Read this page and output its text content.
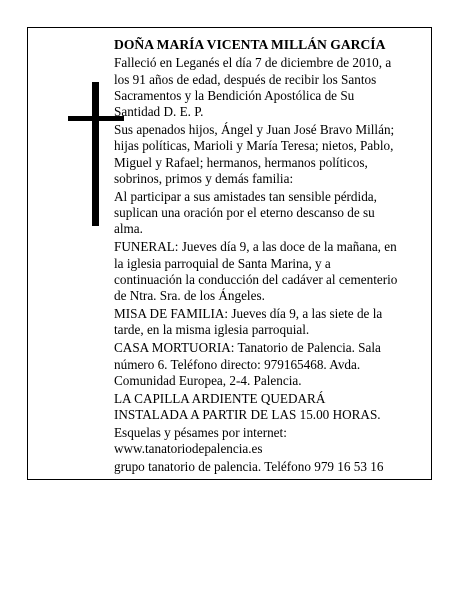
DOÑA MARÍA VICENTA MILLÁN GARCÍA

Falleció en Leganés el día 7 de diciembre de 2010, a los 91 años de edad, después de recibir los Santos Sacramentos y la Bendición Apostólica de Su Santidad D. E. P.

Sus apenados hijos, Ángel y Juan José Bravo Millán; hijas políticas, Marioli y María Teresa; nietos, Pablo, Miguel y Rafael; hermanos, hermanos políticos, sobrinos, primos y demás familia:

Al participar a sus amistades tan sensible pérdida, suplican una oración por el eterno descanso de su alma.

FUNERAL: Jueves día 9, a las doce de la mañana, en la iglesia parroquial de Santa Marina, y a continuación la conducción del cadáver al cementerio de Ntra. Sra. de los Ángeles.

MISA DE FAMILIA: Jueves día 9, a las siete de la tarde, en la misma iglesia parroquial.

CASA MORTUORIA: Tanatorio de Palencia. Sala número 6. Teléfono directo: 979165468. Avda. Comunidad Europea, 2-4. Palencia.

LA CAPILLA ARDIENTE QUEDARÁ INSTALADA A PARTIR DE LAS 15.00 HORAS.

Esquelas y pésames por internet: www.tanatoriodepalencia.es

grupo tanatorio de palencia. Teléfono 979 16 53 16
